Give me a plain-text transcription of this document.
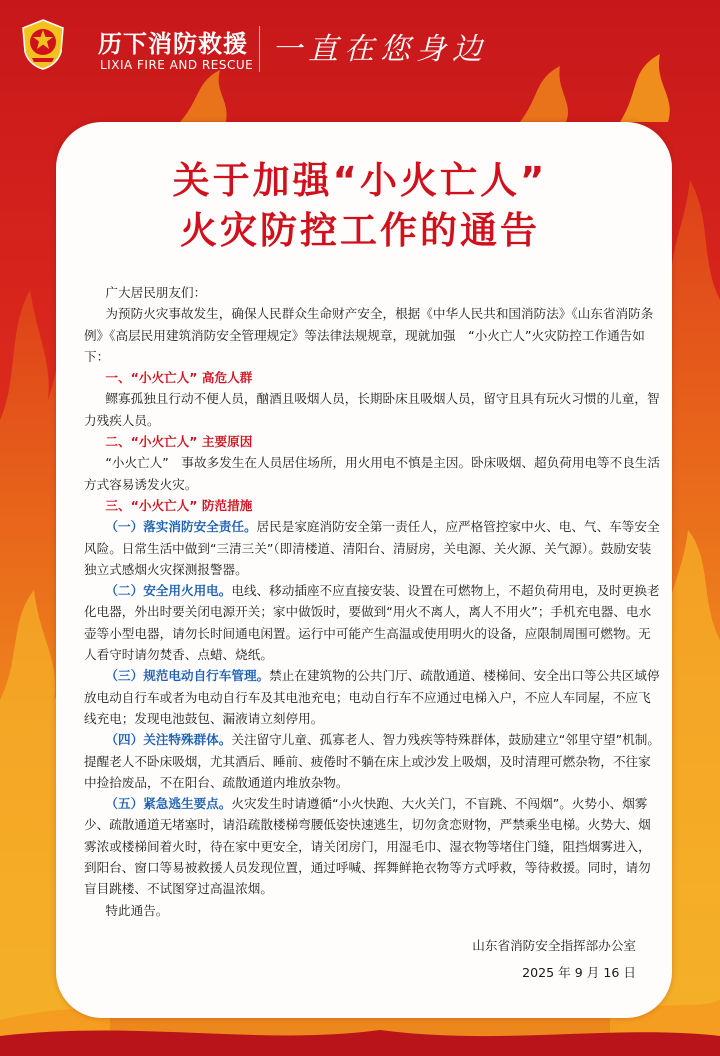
历下消防救援
LIXIA FIRE AND RESCUE 一直在您身边
关于加强“小火亡人”
火灾防控工作的通告

广大居民朋友们：

为预防火灾事故发生，确保人民群众生命财产安全，根据《中华人民共和国消防法》《山东省消防条例》《高层民用建筑消防安全管理规定》等法律法规规章，现就加强　“小火亡人”火灾防控工作通告如下：

一、“小火亡人” 高危人群

鳏寡孤独且行动不便人员，酗酒且吸烟人员，长期卧床且吸烟人员，留守且具有玩火习惯的儿童，智力残疾人员。

二、“小火亡人” 主要原因

“小火亡人”　事故多发生在人员居住场所，用火用电不慎是主因。卧床吸烟、超负荷用电等不良生活方式容易诱发火灾。

三、“小火亡人” 防范措施

（一）落实消防安全责任。居民是家庭消防安全第一责任人，应严格管控家中火、电、气、车等安全风险。日常生活中做到“三清三关”（即清楼道、清阳台、清厨房，关电源、关火源、关气源）。鼓励安装独立式感烟火灾探测报警器。

（二）安全用火用电。电线、移动插座不应直接安装、设置在可燃物上，不超负荷用电，及时更换老化电器，外出时要关闭电源开关；家中做饭时，要做到“用火不离人，离人不用火”；手机充电器、电水壶等小型电器，请勿长时间通电闲置。运行中可能产生高温或使用明火的设备，应限制周围可燃物。无人看守时请勿焚香、点蜡、烧纸。

（三）规范电动自行车管理。禁止在建筑物的公共门厅、疏散通道、楼梯间、安全出口等公共区域停放电动自行车或者为电动自行车及其电池充电；电动自行车不应通过电梯入户，不应人车同屋，不应飞线充电；发现电池鼓包、漏液请立刻停用。

（四）关注特殊群体。关注留守儿童、孤寡老人、智力残疾等特殊群体，鼓励建立“邻里守望”机制。提醒老人不卧床吸烟，尤其酒后、睡前、疲倦时不躺在床上或沙发上吸烟，及时清理可燃杂物，不往家中捡拾废品，不在阳台、疏散通道内堆放杂物。

（五）紧急逃生要点。火灾发生时请遵循“小火快跑、大火关门，不盲跳、不闯烟”。火势小、烟雾少、疏散通道无堵塞时，请沿疏散楼梯弯腰低姿快速逃生，切勿贪恋财物，严禁乘坐电梯。火势大、烟雾浓或楼梯间着火时，待在家中更安全，请关闭房门，用湿毛巾、湿衣物等堵住门缝，阻挡烟雾进入，到阳台、窗口等易被救援人员发现位置，通过呼喊、挥舞鲜艳衣物等方式呼救，等待救援。同时，请勿盲目跳楼、不试图穿过高温浓烟。

特此通告。

山东省消防安全指挥部办公室
2025 年 9 月 16 日
